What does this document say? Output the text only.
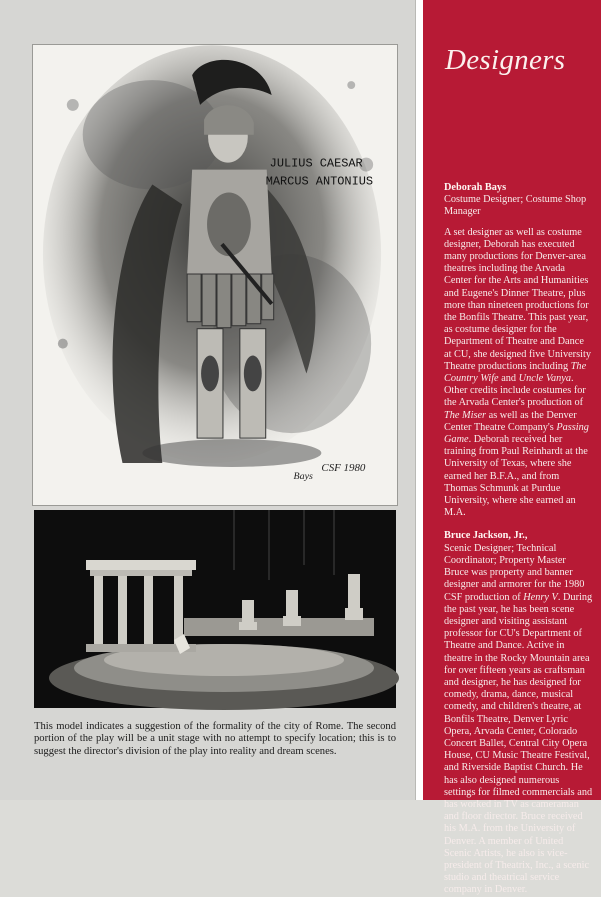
JULIUS CAESAR
MARCUS ANTONIUS
Bays
CSF 1980

This model indicates a suggestion of the formality of the city of Rome. The second portion of the play will be a unit stage with no attempt to specify location; this is to suggest the director's division of the play into reality and dream scenes.

Designers
Deborah Bays
Costume Designer; Costume Shop Manager
A set designer as well as costume designer, Deborah has executed many productions for Denver-area theatres including the Arvada Center for the Arts and Humanities and Eugene's Dinner Theatre, plus more than nineteen productions for the Bonfils Theatre. This past year, as costume designer for the Department of Theatre and Dance at CU, she designed five University Theatre productions including The Country Wife and Uncle Vanya. Other credits include costumes for the Arvada Center's production of The Miser as well as the Denver Center Theatre Company's Passing Game. Deborah received her training from Paul Reinhardt at the University of Texas, where she earned her B.F.A., and from Thomas Schmunk at Purdue University, where she earned an M.A.
Bruce Jackson, Jr.,
Scenic Designer; Technical Coordinator; Property Master
Bruce was property and banner designer and armorer for the 1980 CSF production of Henry V. During the past year, he has been scene designer and visiting assistant professor for CU's Department of Theatre and Dance. Active in theatre in the Rocky Mountain area for over fifteen years as craftsman and designer, he has designed for comedy, drama, dance, musical comedy, and children's theatre, at Bonfils Theatre, Denver Lyric Opera, Arvada Center, Colorado Concert Ballet, Central City Opera House, CU Music Theatre Festival, and Riverside Baptist Church. He has also designed numerous settings for filmed commercials and has worked in TV as cameraman and floor director. Bruce received his M.A. from the University of Denver. A member of United Scenic Artists, he also is vice-president of Theatrix, Inc., a scenic studio and theatrical service company in Denver.
